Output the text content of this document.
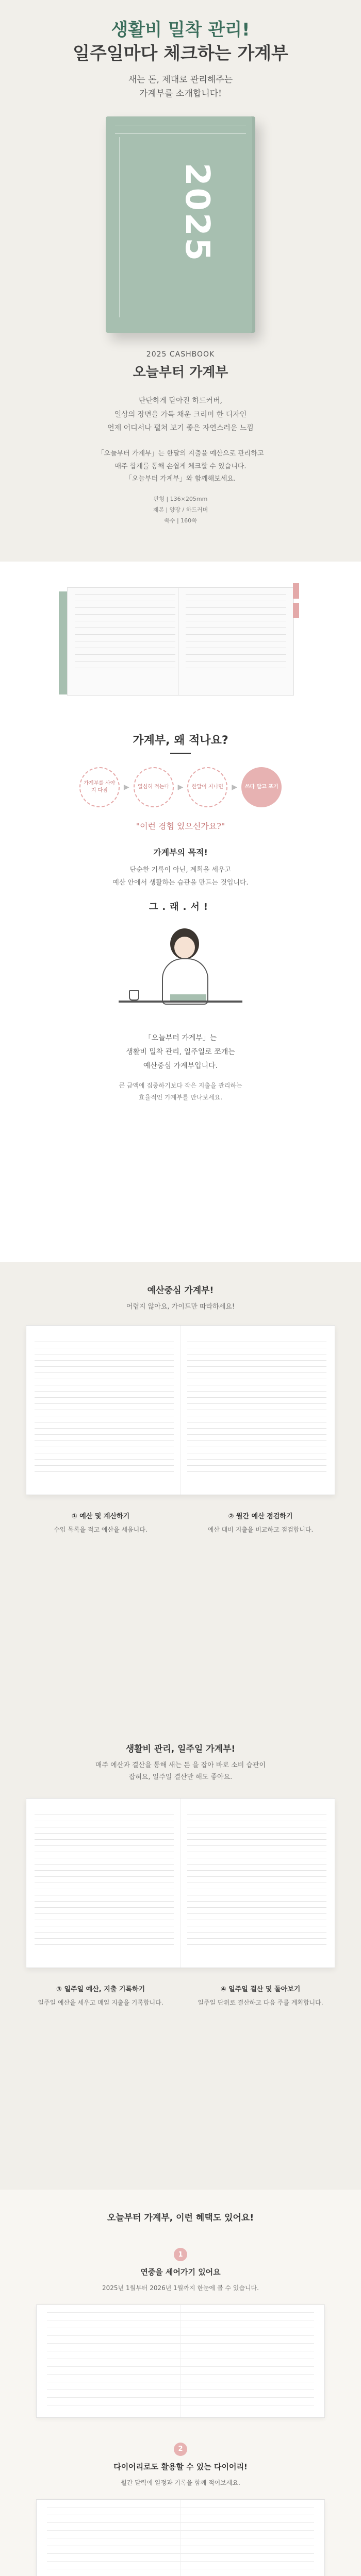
생활비 밀착 관리!
일주일마다 체크하는 가계부
새는 돈, 제대로 관리해주는
가계부를 소개합니다!
2025
2025 CASHBOOK
오늘부터 가계부
단단하게 닫아진 하드커버,
일상의 장면을 가득 채운 크리미 한 디자인
언제 어디서나 펼쳐 보기 좋은 자연스러운 느낌
「오늘부터 가계부」는 한달의 지출을 예산으로 관리하고
매주 합계를 통해 손쉽게 체크할 수 있습니다.
「오늘부터 가계부」와 함께해보세요.
판형 | 136×205mm
제본 | 양장 / 하드커버
쪽수 | 160쪽
가계부, 왜 적나요?
가계부를 사야지 다짐	▶	열심히 적는다	▶	한달이 지나면	▶	쓰다 말고 포기
"이런 경험 있으신가요?"
가계부의 목적!
단순한 기록이 아닌, 계획을 세우고
예산 안에서 생활하는 습관을 만드는 것입니다.
그.래.서!
「오늘부터 가계부」는
생활비 밀착 관리, 일주일로 쪼개는
예산중심 가계부입니다.
큰 금액에 집중하기보다 작은 지출을 관리하는
효율적인 가계부를 만나보세요.
예산중심 가계부!
어렵지 않아요, 가이드만 따라하세요!
① 예산 및 계산하기
수입 목록을 적고 예산을 세웁니다.
② 월간 예산 점검하기
예산 대비 지출을 비교하고 점검합니다.
생활비 관리, 일주일 가계부!
매주 예산과 결산을 통해 새는 돈 을 잡아 바로 소비 습관이
잡혀요, 일주일 결산만 해도 좋아요.
③ 일주일 예산, 지출 기록하기
일주일 예산을 세우고 매일 지출을 기록합니다.
④ 일주일 결산 및 돌아보기
일주일 단위로 결산하고 다음 주를 계획합니다.
오늘부터 가계부, 이런 혜택도 있어요!
1
연중을 세어가기 있어요
2025년 1월부터 2026년 1월까지 한눈에 볼 수 있습니다.
2
다이어리로도 활용할 수 있는 다이어리!
월간 달력에 일정과 기록을 함께 적어보세요.
